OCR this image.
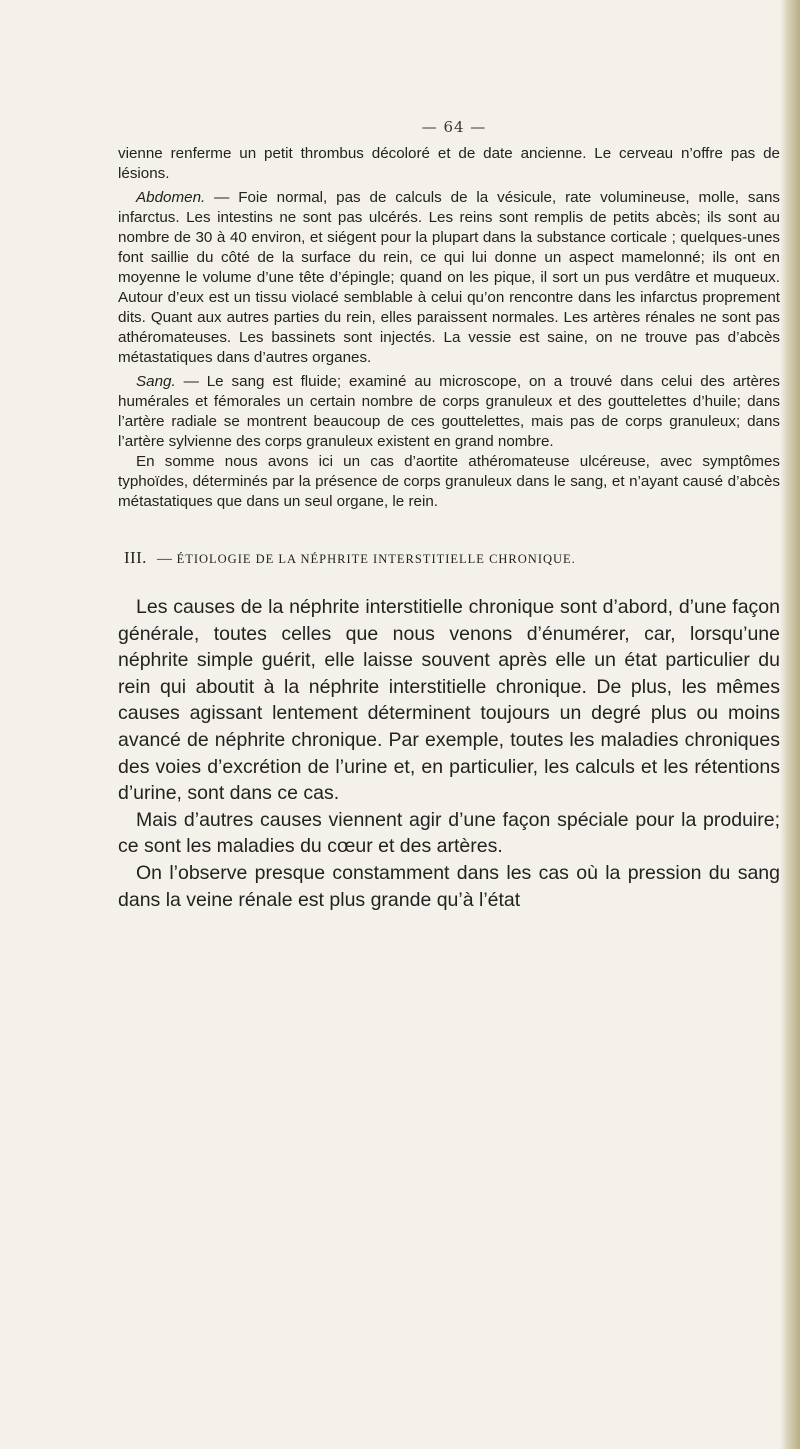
— 64 —

vienne renferme un petit thrombus décoloré et de date ancienne. Le cerveau n’offre pas de lésions.

Abdomen. — Foie normal, pas de calculs de la vésicule, rate volumineuse, molle, sans infarctus. Les intestins ne sont pas ulcérés. Les reins sont remplis de petits abcès; ils sont au nombre de 30 à 40 environ, et siégent pour la plupart dans la substance corticale ; quelques-unes font saillie du côté de la surface du rein, ce qui lui donne un aspect mamelonné; ils ont en moyenne le volume d’une tête d’épingle; quand on les pique, il sort un pus verdâtre et muqueux. Autour d’eux est un tissu violacé semblable à celui qu’on rencontre dans les infarctus proprement dits. Quant aux autres parties du rein, elles paraissent normales. Les artères rénales ne sont pas athéromateuses. Les bassinets sont injectés. La vessie est saine, on ne trouve pas d’abcès métastatiques dans d’autres organes.

Sang. — Le sang est fluide; examiné au microscope, on a trouvé dans celui des artères humérales et fémorales un certain nombre de corps granuleux et des gouttelettes d’huile; dans l’artère radiale se montrent beaucoup de ces gouttelettes, mais pas de corps granuleux; dans l’artère sylvienne des corps granuleux existent en grand nombre.

En somme nous avons ici un cas d’aortite athéromateuse ulcéreuse, avec symptômes typhoïdes, déterminés par la présence de corps granuleux dans le sang, et n’ayant causé d’abcès métastatiques que dans un seul organe, le rein.

III. — ÉTIOLOGIE DE LA NÉPHRITE INTERSTITIELLE CHRONIQUE.

Les causes de la néphrite interstitielle chronique sont d’abord, d’une façon générale, toutes celles que nous venons d’énumérer, car, lorsqu’une néphrite simple guérit, elle laisse souvent après elle un état particulier du rein qui aboutit à la néphrite interstitielle chronique. De plus, les mêmes causes agissant lentement déterminent toujours un degré plus ou moins avancé de néphrite chronique. Par exemple, toutes les maladies chroniques des voies d’excrétion de l’urine et, en particulier, les calculs et les rétentions d’urine, sont dans ce cas.

Mais d’autres causes viennent agir d’une façon spéciale pour la produire; ce sont les maladies du cœur et des artères.

On l’observe presque constamment dans les cas où la pression du sang dans la veine rénale est plus grande qu’à l’état
